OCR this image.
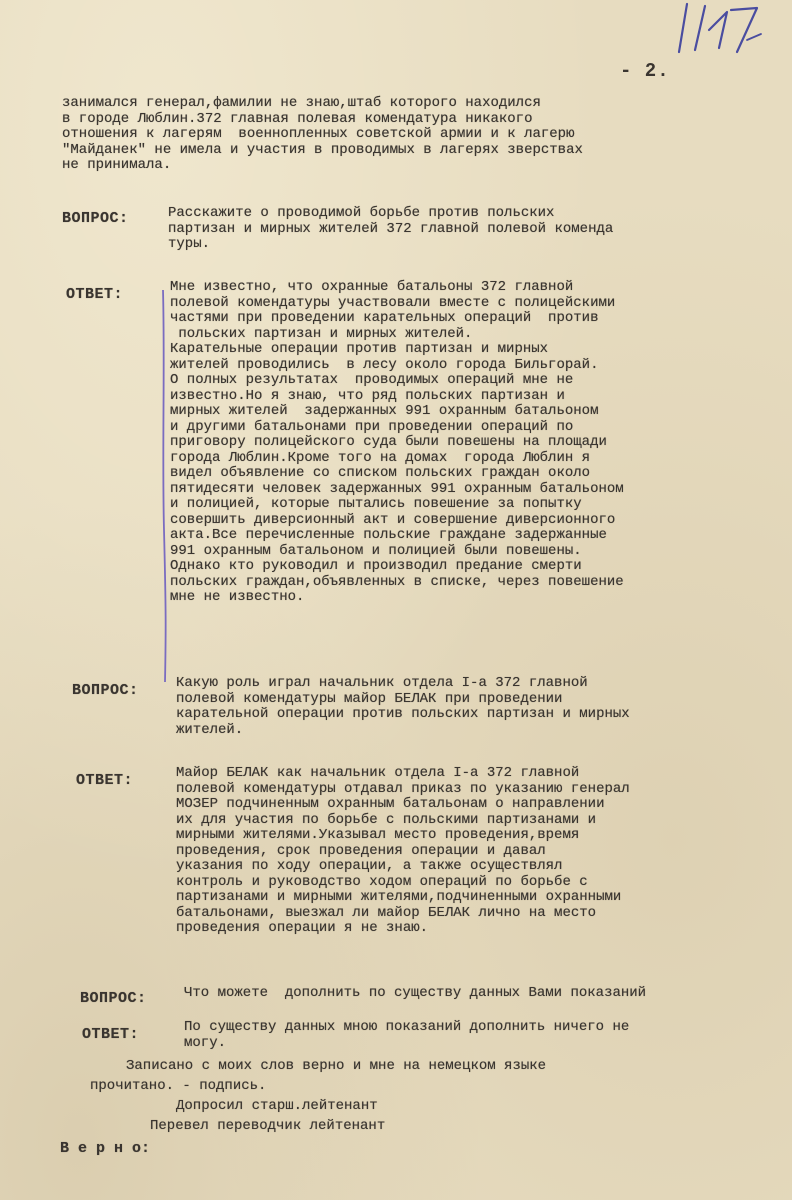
- 2.

занимался генерал,фамилии не знаю,штаб которого находился

в городе Люблин.372 главная полевая комендатура никакого

отношения к лагерям  военнопленных советской армии и к лагерю

"Майданек" не имела и участия в проводимых в лагерях зверствах

не принимала.

ВОПРОС:	Расскажите о проводимой борьбе против польских

партизан и мирных жителей 372 главной полевой коменда

туры.

ОТВЕТ:	Мне известно, что охранные батальоны 372 главной

полевой комендатуры участвовали вместе с полицейскими

частями при проведении карательных операций  против

польских партизан и мирных жителей.

Карательные операции против партизан и мирных

жителей проводились  в лесу около города Бильгорай.

О полных результатах  проводимых операций мне не

известно.Но я знаю, что ряд польских партизан и

мирных жителей  задержанных 991 охранным батальоном

и другими батальонами при проведении операций по

приговору полицейского суда были повешены на площади

города Люблин.Кроме того на домах  города Люблин я

видел объявление со списком польских граждан около

пятидесяти человек задержанных 991 охранным батальоном

и полицией, которые пытались повешение за попытку

совершить диверсионный акт и совершение диверсионного

акта.Все перечисленные польские граждане задержанные

991 охранным батальоном и полицией были повешены.

Однако кто руководил и производил предание смерти

польских граждан,объявленных в списке, через повешение

мне не известно.

ВОПРОС:	Какую роль играл начальник отдела I-а 372 главной

полевой комендатуры майор БЕЛАК при проведении

карательной операции против польских партизан и мирных

жителей.

ОТВЕТ:	Майор БЕЛАК как начальник отдела I-а 372 главной

полевой комендатуры отдавал приказ по указанию генерал

МОЗЕР подчиненным охранным батальонам о направлении

их для участия по борьбе с польскими партизанами и

мирными жителями.Указывал место проведения,время

проведения, срок проведения операции и давал

указания по ходу операции, а также осуществлял

контроль и руководство ходом операций по борьбе с

партизанами и мирными жителями,подчиненными охранными

батальонами, выезжал ли майор БЕЛАК лично на место

проведения операции я не знаю.

ВОПРОС:	Что можете  дополнить по существу данных Вами показаний

ОТВЕТ:	По существу данных мною показаний дополнить ничего не

могу.

Записано с моих слов верно и мне на немецком языке
прочитано. - подпись.
Допросил старш.лейтенант
Перевел переводчик лейтенант
В е р н о:
